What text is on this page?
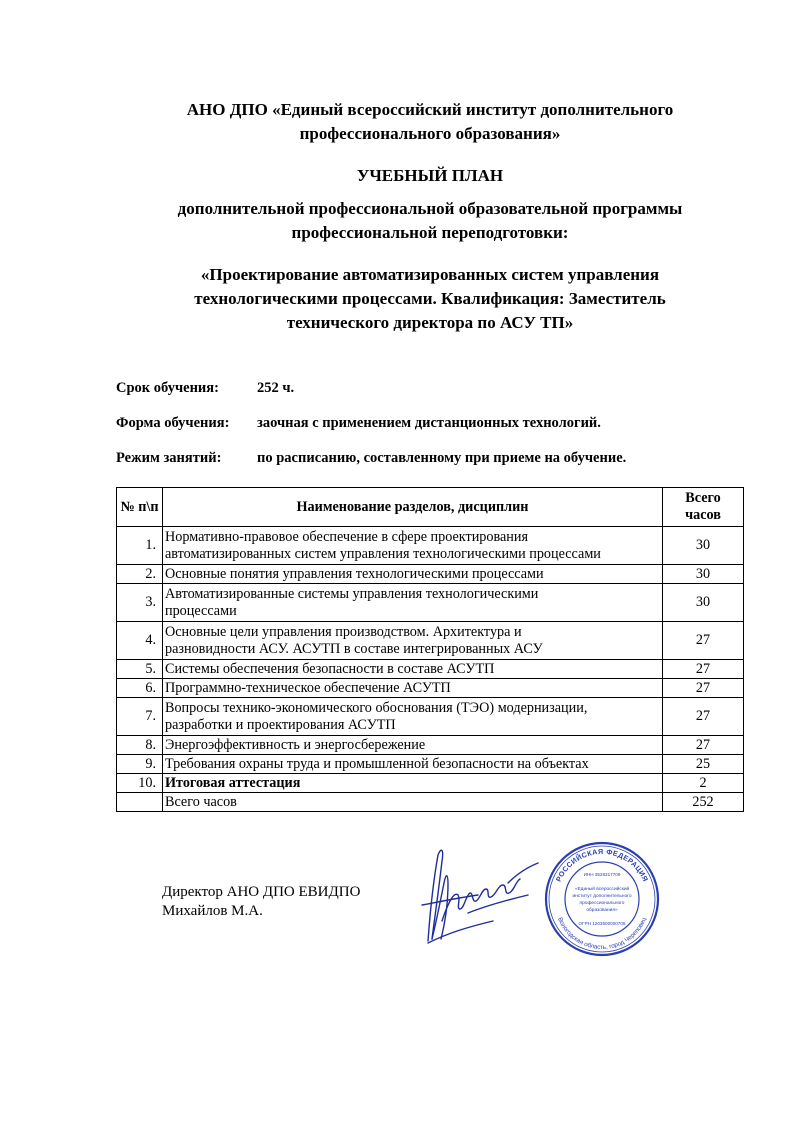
АНО ДПО «Единый всероссийский институт дополнительного
профессионального образования»
УЧЕБНЫЙ ПЛАН
дополнительной профессиональной образовательной программы
профессиональной переподготовки:
«Проектирование автоматизированных систем управления
технологическими процессами. Квалификация: Заместитель
технического директора по АСУ ТП»
Срок обучения:	252 ч.
Форма обучения: заочная с применением дистанционных технологий.
Режим занятий: по расписанию, составленному при приеме на обучение.
№ п\п	Наименование разделов, дисциплин	Всего
часов

1.	Нормативно-правовое обеспечение в сфере проектирования
автоматизированных систем управления технологическими процессами	30
2.	Основные понятия управления технологическими процессами	30
3.	Автоматизированные системы управления технологическими
процессами	30
4.	Основные цели управления производством. Архитектура и
разновидности АСУ. АСУТП в составе интегрированных АСУ	27
5.	Системы обеспечения безопасности в составе АСУТП	27
6.	Программно-техническое обеспечение АСУТП	27
7.	Вопросы технико-экономического обоснования (ТЭО) модернизации,
разработки и проектирования АСУТП	27
8.	Энергоэффективность и энергосбережение	27
9.	Требования охраны труда и промышленной безопасности на объектах	25
10.	Итоговая аттестация	2
	Всего часов	252
Директор АНО ДПО ЕВИДПО
Михайлов М.А.
РОССИЙСКАЯ ФЕДЕРАЦИЯ
Вологодская область, город Череповец
ИНН 3528317709
«Единый всероссийский
институт дополнительного
профессионального
образования»
ОГРН 1203500000706
